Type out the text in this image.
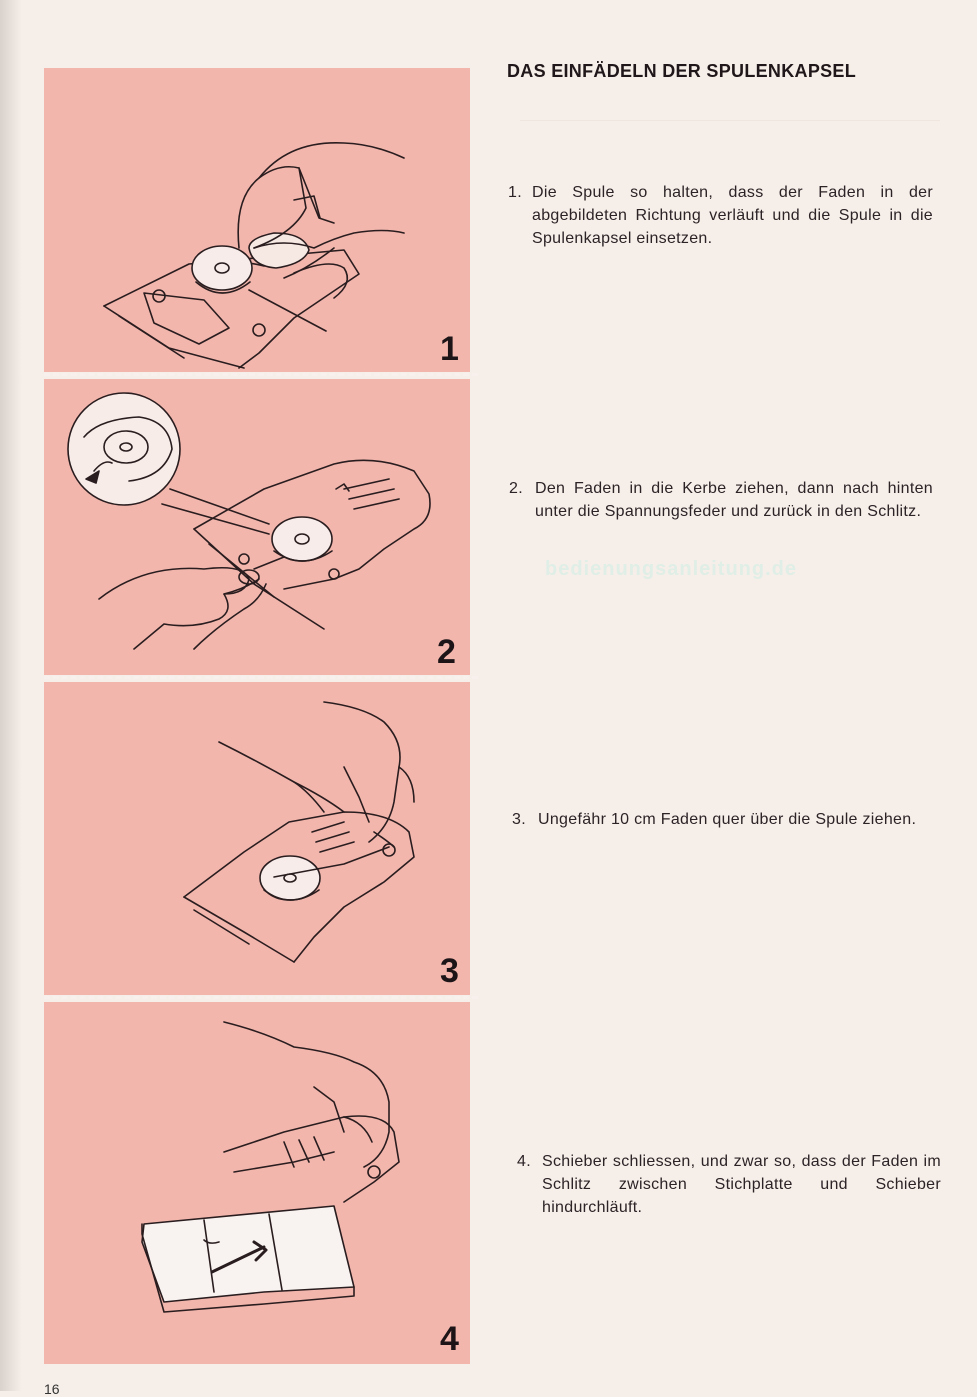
1
2
3
4
DAS EINFÄDELN DER SPULENKAPSEL
1. Die Spule so halten, dass der Faden in der abgebildeten Richtung verläuft und die Spule in die Spulenkapsel einsetzen.
2. Den Faden in die Kerbe ziehen, dann nach hinten unter die Spannungsfeder und zurück in den Schlitz.
bedienungsanleitung.de
3. Ungefähr 10 cm Faden quer über die Spule ziehen.
4. Schieber schliessen, und zwar so, dass der Faden im Schlitz zwischen Stichplatte und Schieber hindurchläuft.
16
